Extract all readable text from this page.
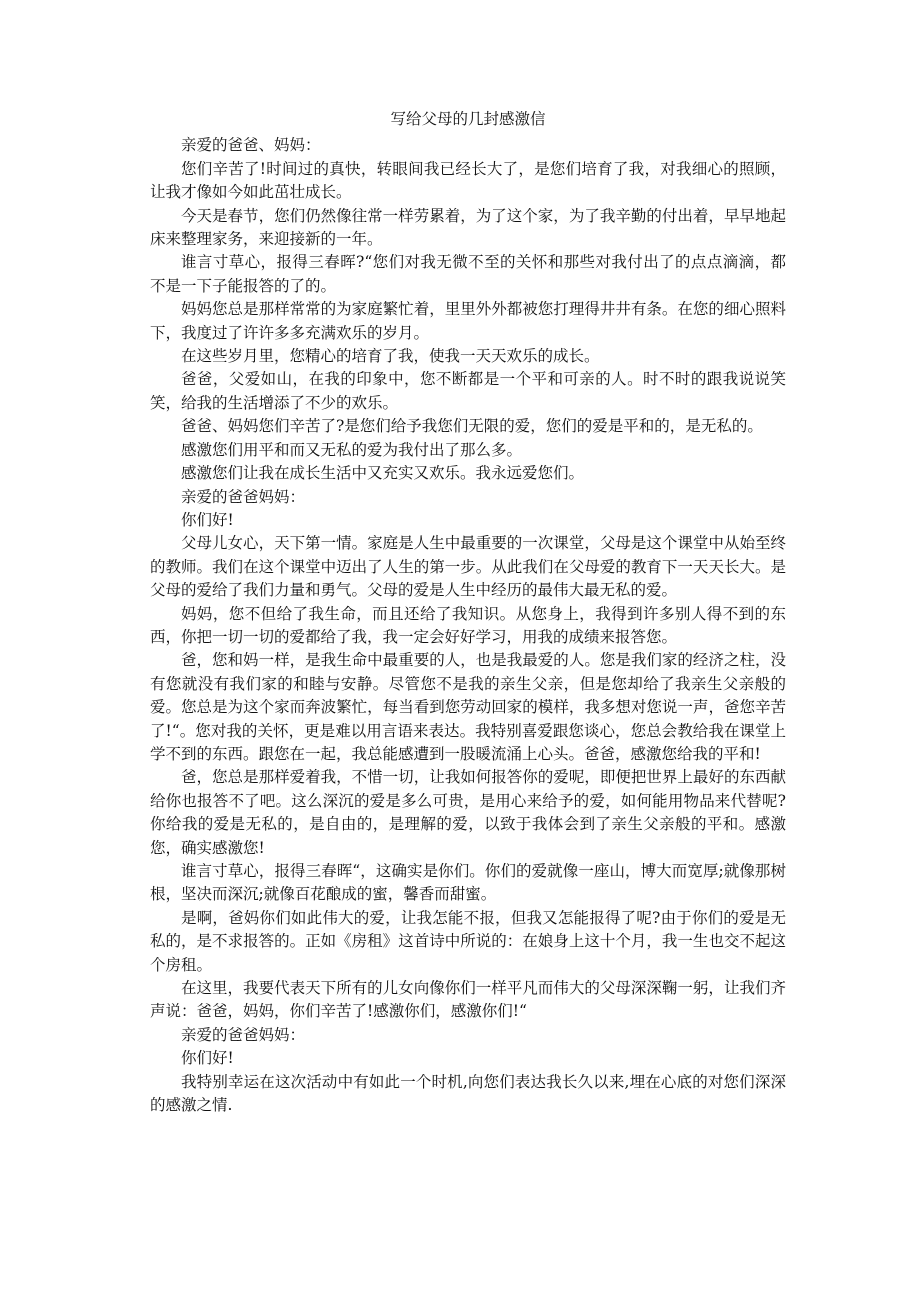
写给父母的几封感激信

亲爱的爸爸、妈妈：

您们辛苦了!时间过的真快，转眼间我已经长大了，是您们培育了我，对我细心的照顾，让我才像如今如此茁壮成长。

今天是春节，您们仍然像往常一样劳累着，为了这个家，为了我辛勤的付出着，早早地起床来整理家务，来迎接新的一年。

谁言寸草心，报得三春晖?“您们对我无微不至的关怀和那些对我付出了的点点滴滴，都不是一下子能报答的了的。

妈妈您总是那样常常的为家庭繁忙着，里里外外都被您打理得井井有条。在您的细心照料下，我度过了许许多多充满欢乐的岁月。

在这些岁月里，您精心的培育了我，使我一天天欢乐的成长。

爸爸，父爱如山，在我的印象中，您不断都是一个平和可亲的人。时不时的跟我说说笑笑，给我的生活增添了不少的欢乐。

爸爸、妈妈您们辛苦了?是您们给予我您们无限的爱，您们的爱是平和的，是无私的。

感激您们用平和而又无私的爱为我付出了那么多。

感激您们让我在成长生活中又充实又欢乐。我永远爱您们。

亲爱的爸爸妈妈：

你们好!

父母儿女心，天下第一情。家庭是人生中最重要的一次课堂，父母是这个课堂中从始至终的教师。我们在这个课堂中迈出了人生的第一步。从此我们在父母爱的教育下一天天长大。是父母的爱给了我们力量和勇气。父母的爱是人生中经历的最伟大最无私的爱。

妈妈，您不但给了我生命，而且还给了我知识。从您身上，我得到许多别人得不到的东西，你把一切一切的爱都给了我，我一定会好好学习，用我的成绩来报答您。

爸，您和妈一样，是我生命中最重要的人，也是我最爱的人。您是我们家的经济之柱，没有您就没有我们家的和睦与安静。尽管您不是我的亲生父亲，但是您却给了我亲生父亲般的爱。您总是为这个家而奔波繁忙，每当看到您劳动回家的模样，我多想对您说一声，爸您辛苦了!“。您对我的关怀，更是难以用言语来表达。我特别喜爱跟您谈心，您总会教给我在课堂上学不到的东西。跟您在一起，我总能感遭到一股暖流涌上心头。爸爸，感激您给我的平和!

爸，您总是那样爱着我，不惜一切，让我如何报答你的爱呢，即便把世界上最好的东西献给你也报答不了吧。这么深沉的爱是多么可贵，是用心来给予的爱，如何能用物品来代替呢?你给我的爱是无私的，是自由的，是理解的爱，以致于我体会到了亲生父亲般的平和。感激您，确实感激您!

谁言寸草心，报得三春晖“，这确实是你们。你们的爱就像一座山，博大而宽厚;就像那树根，坚决而深沉;就像百花酿成的蜜，馨香而甜蜜。

是啊，爸妈你们如此伟大的爱，让我怎能不报，但我又怎能报得了呢?由于你们的爱是无私的，是不求报答的。正如《房租》这首诗中所说的：在娘身上这十个月，我一生也交不起这个房租。

在这里，我要代表天下所有的儿女向像你们一样平凡而伟大的父母深深鞠一躬，让我们齐声说：爸爸，妈妈，你们辛苦了!感激你们，感激你们!“

亲爱的爸爸妈妈：

你们好!

我特别幸运在这次活动中有如此一个时机,向您们表达我长久以来,埋在心底的对您们深深的感激之情.
